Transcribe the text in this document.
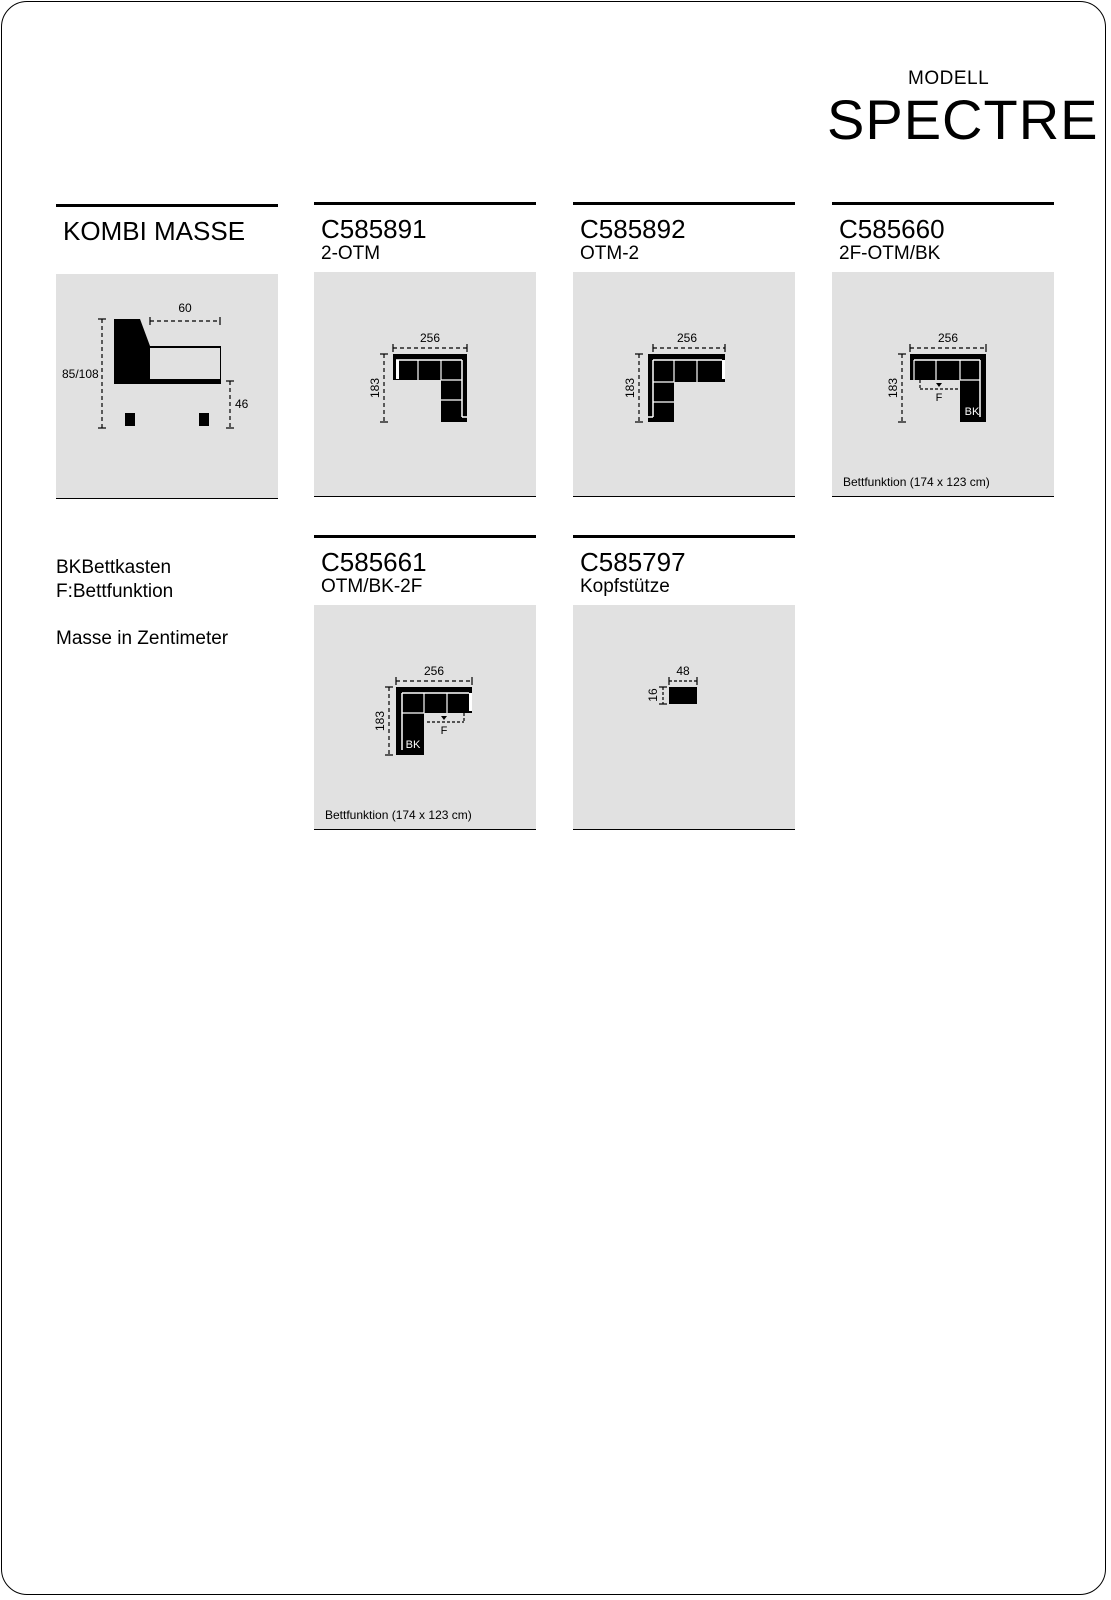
MODELL
SPECTRE
KOMBI MASSE
60
85/108
46
C585891
2-OTM
256
183
C585892
OTM-2
256
183
C585660
2F-OTM/BK
256
183	F
BK
Bettfunktion (174 x 123 cm)
BKBettkasten
F:Bettfunktion
Masse in Zentimeter
C585661
OTM/BK-2F
256
183	F
BK
Bettfunktion (174 x 123 cm)
C585797
Kopfstütze
48
16
